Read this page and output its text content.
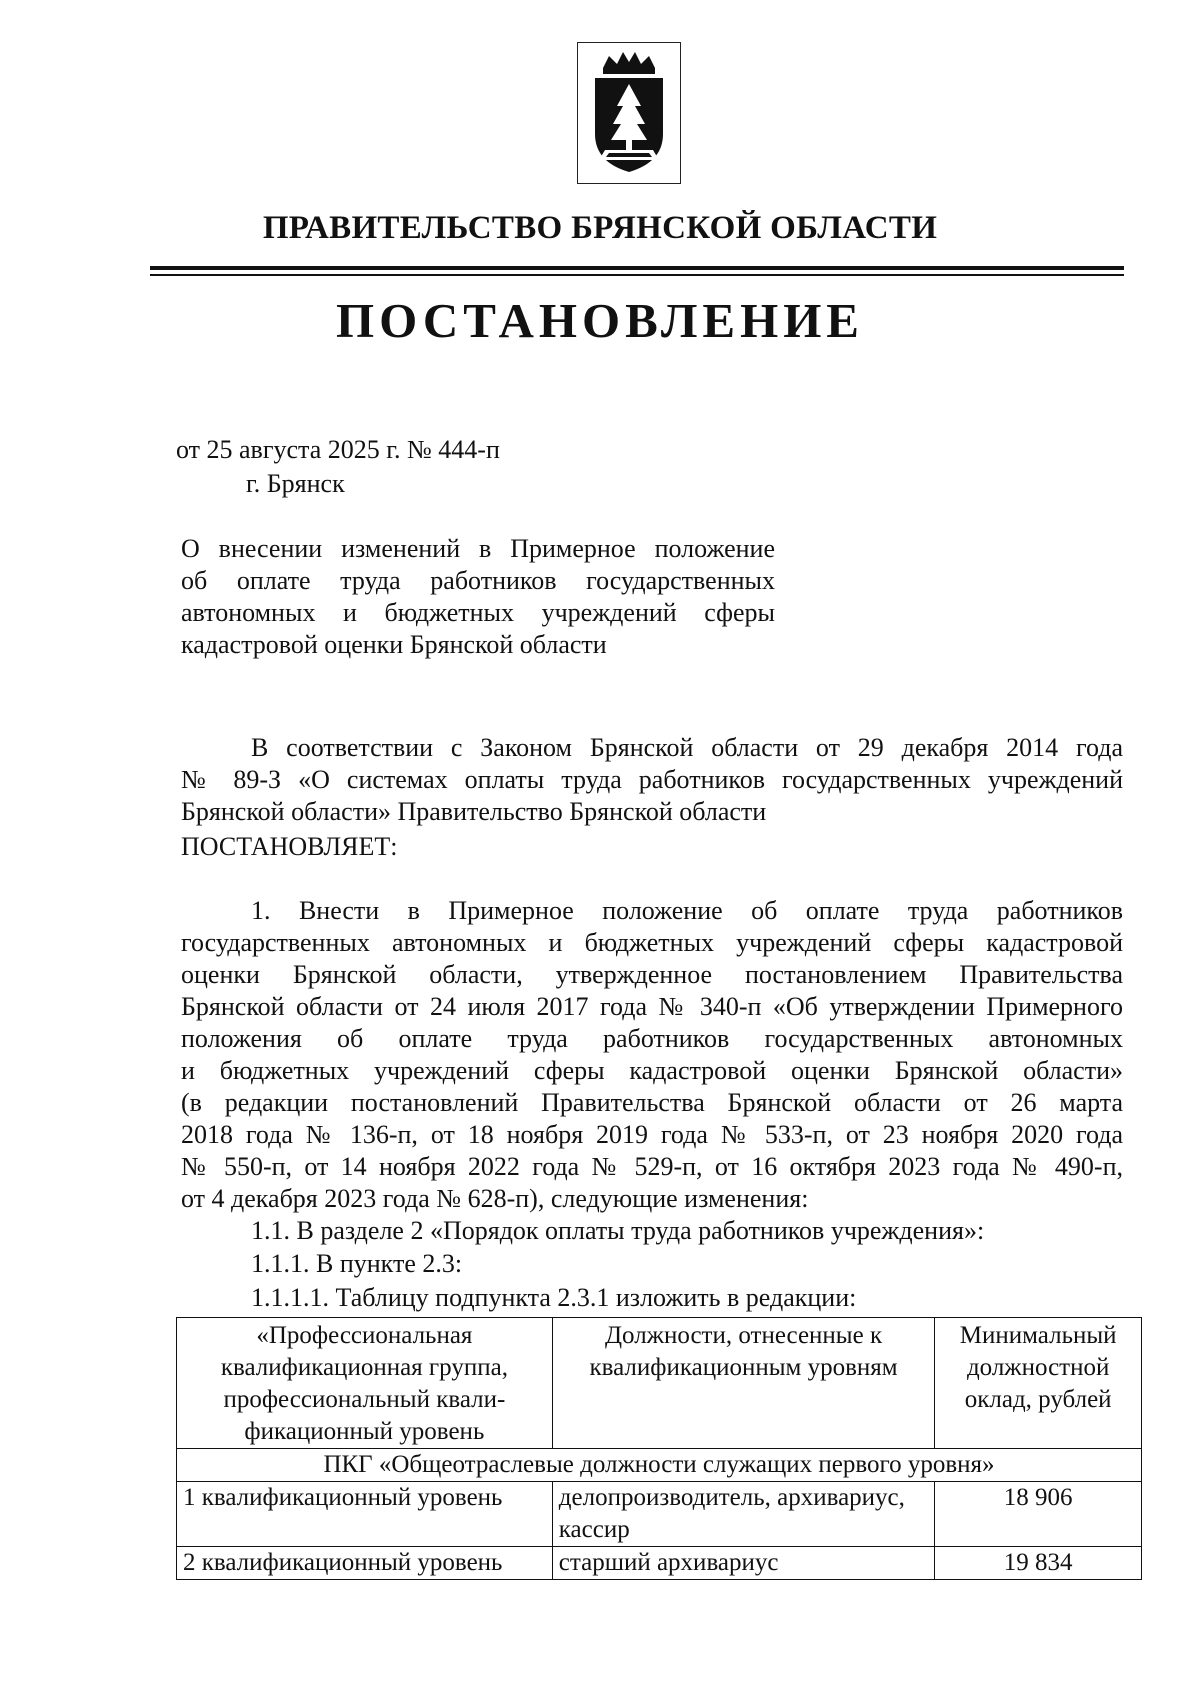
ПРАВИТЕЛЬСТВО БРЯНСКОЙ ОБЛАСТИ
ПОСТАНОВЛЕНИЕ
от 25 августа 2025 г. № 444-п
г. Брянск
О внесении изменений в Примерное положение
об оплате труда работников государственных
автономных и бюджетных учреждений сферы
кадастровой оценки Брянской области
В соответствии с Законом Брянской области от 29 декабря 2014 года
№ 89-З «О системах оплаты труда работников государственных учреждений
Брянской области» Правительство Брянской области
ПОСТАНОВЛЯЕТ:
1. Внести в Примерное положение об оплате труда работников
государственных автономных и бюджетных учреждений сферы кадастровой
оценки Брянской области, утвержденное постановлением Правительства
Брянской области от 24 июля 2017 года № 340-п «Об утверждении Примерного
положения об оплате труда работников государственных автономных
и бюджетных учреждений сферы кадастровой оценки Брянской области»
(в редакции постановлений Правительства Брянской области от 26 марта
2018 года № 136-п, от 18 ноября 2019 года № 533-п, от 23 ноября 2020 года
№ 550-п, от 14 ноября 2022 года № 529-п, от 16 октября 2023 года № 490-п,
от 4 декабря 2023 года № 628-п), следующие изменения:
1.1. В разделе 2 «Порядок оплаты труда работников учреждения»:
1.1.1. В пункте 2.3:
1.1.1.1. Таблицу подпункта 2.3.1 изложить в редакции:
«Профессиональная квалификационная группа, профессиональный квали-фикационный уровень	Должности, отнесенные к квалификационным уровням	Минимальный должностной оклад, рублей
ПКГ «Общеотраслевые должности служащих первого уровня»		
1 квалификационный уровень	делопроизводитель, архивариус, кассир	18 906
2 квалификационный уровень	старший архивариус	19 834
